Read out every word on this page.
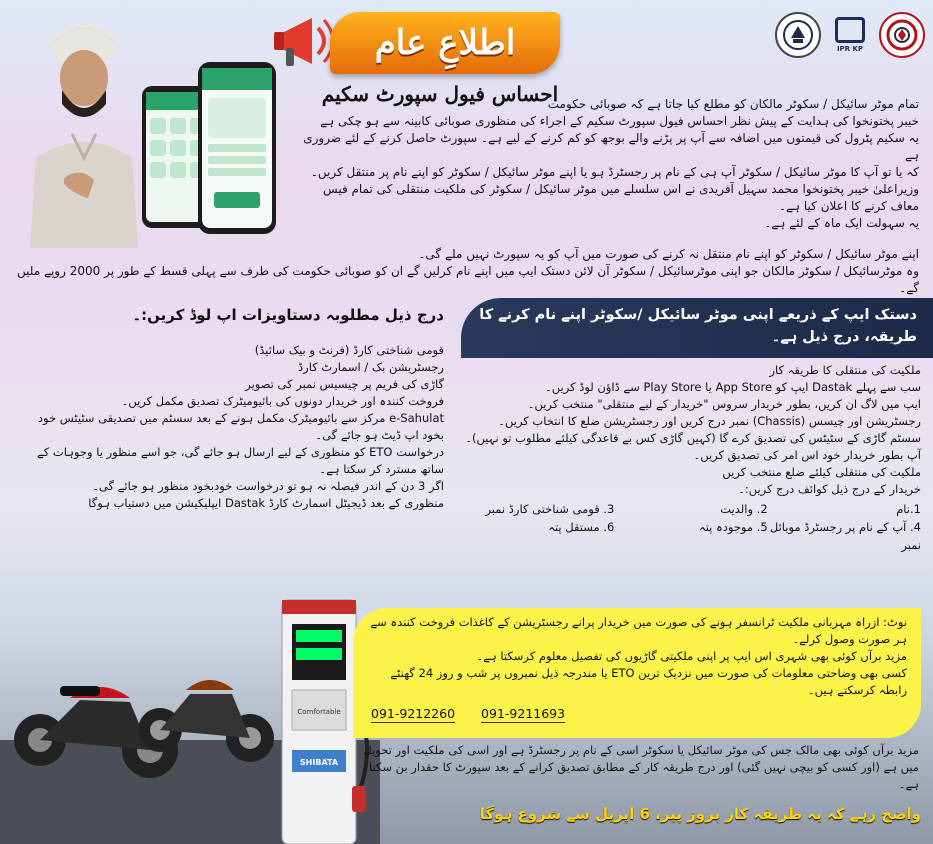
IPR KP
اطلاعِ عام
احساس فیول سپورٹ سکیم

تمام موٹر سائیکل / سکوٹر مالکان کو مطلع کیا جاتا ہے کہ صوبائی حکومت

خیبر پختونخوا کی ہدایت کے پیش نظر احساس فیول سپورٹ سکیم کے اجراء کی منظوری صوبائی کابینہ سے ہو چکی ہے

یہ سکیم پٹرول کی قیمتوں میں اضافہ سے آپ پر پڑنے والے بوجھ کو کم کرنے کے لیے ہے۔ سپورٹ حاصل کرنے کے لئے ضروری ہے

کہ یا تو آپ کا موٹر سائیکل / سکوٹر آپ ہی کے نام پر رجسٹرڈ ہو یا اپنے موٹر سائیکل / سکوٹر کو اپنے نام پر منتقل کریں۔

وزیراعلیٰ خیبر پختونخوا محمد سہیل آفریدی نے اس سلسلے میں موٹر سائیکل / سکوٹر کی ملکیت منتقلی کی تمام فیس معاف کرنے کا اعلان کیا ہے۔

یہ سہولت ایک ماہ کے لئے ہے۔

اپنے موٹر سائیکل / سکوٹر کو اپنے نام منتقل نہ کرنے کی صورت میں آپ کو یہ سپورٹ نہیں ملے گی۔

وہ موٹرسائیکل / سکوٹر مالکان جو اپنی موٹرسائیکل / سکوٹر آن لائن دستک ایپ میں اپنے نام کرلیں گے ان کو صوبائی حکومت کی طرف سے پہلی قسط کے طور پر 2000 روپے ملیں گے۔

درج ذیل مطلوبہ دستاویزات اپ لوڈ کریں:۔
قومی شناختی کارڈ (فرنٹ و بیک سائیڈ)
رجسٹریشن بک / اسمارٹ کارڈ
گاڑی کی فریم پر چیسیس نمبر کی تصویر
فروخت کنندہ اور خریدار دونوں کی بائیومیٹرک تصدیق مکمل کریں۔
e-Sahulat مرکز سے بائیومیٹرک مکمل ہونے کے بعد سسٹم میں تصدیقی سٹیٹس خود بخود اپ ڈیٹ ہو جائے گی۔
درخواست ETO کو منظوری کے لیے ارسال ہو جائے گی، جو اسے منظور یا وجوہات کے ساتھ مسترد کر سکتا ہے۔
اگر 3 دن کے اندر فیصلہ نہ ہو تو درخواست خودبخود منظور ہو جائے گی۔
منظوری کے بعد ڈیجیٹل اسمارٹ کارڈ Dastak ایپلیکیشن میں دستیاب ہوگا
دستک ایپ کے ذریعے اپنی موٹر سائیکل /سکوٹر اپنے نام کرنے کا طریقہ، درج ذیل ہے۔
ملکیت کی منتقلی کا طریقہ کار
سب سے پہلے Dastak ایپ کو App Store یا Play Store سے ڈاؤن لوڈ کریں۔
ایپ میں لاگ ان کریں، بطور خریدار سروس "خریدار کے لیے منتقلی" منتخب کریں۔
رجسٹریشن اور چیسس (Chassis) نمبر درج کریں اور رجسٹریشن ضلع کا انتخاب کریں۔
سسٹم گاڑی کے سٹیٹس کی تصدیق کرے گا (کہیں گاڑی کس بے قاعدگی کیلئے مطلوب تو نہیں)۔
آپ بطور خریدار خود اس امر کی تصدیق کریں۔
ملکیت کی منتقلی کیلئے ضلع منتخب کریں
خریدار کے درج ذیل کوائف درج کریں:۔
1.نام
2. والدیت
3. قومی شناختی کارڈ نمبر
4. آپ کے نام پر رجسٹرڈ موبائل نمبر
5. موجودہ پتہ
6. مستقل پتہ
Comfortable
SHIBATA

نوٹ: ازراہ مہربانی ملکیت ٹرانسفر ہونے کی صورت میں خریدار پرانے رجسٹریشن کے کاغذات فروخت کنندہ سے ہر صورت وصول کرلے۔

مزید برآں کوئی بھی شہری اس ایپ پر اپنی ملکیتی گاڑیوں کی تفصیل معلوم کرسکتا ہے۔

کسی بھی وضاحتی معلومات کی صورت میں نزدیک ترین ETO یا مندرجہ ذیل نمبروں پر شب و روز 24 گھنٹے رابطہ کرسکتے ہیں۔

091-9212260 091-9211693
مزید برآں کوئی بھی مالک جس کی موٹر سائیکل یا سکوٹر اسی کے نام پر رجسٹرڈ ہے اور اسی کی ملکیت اور تحویل میں ہے (اور کسی کو بیچی نہیں گئی) اور درج طریقہ کار کے مطابق تصدیق کرانے کے بعد سپورٹ کا حقدار بن سکتا ہے۔
واضح رہے کہ یہ طریقہ کار بروز پیر، 6 اپریل سے شروع ہوگا
